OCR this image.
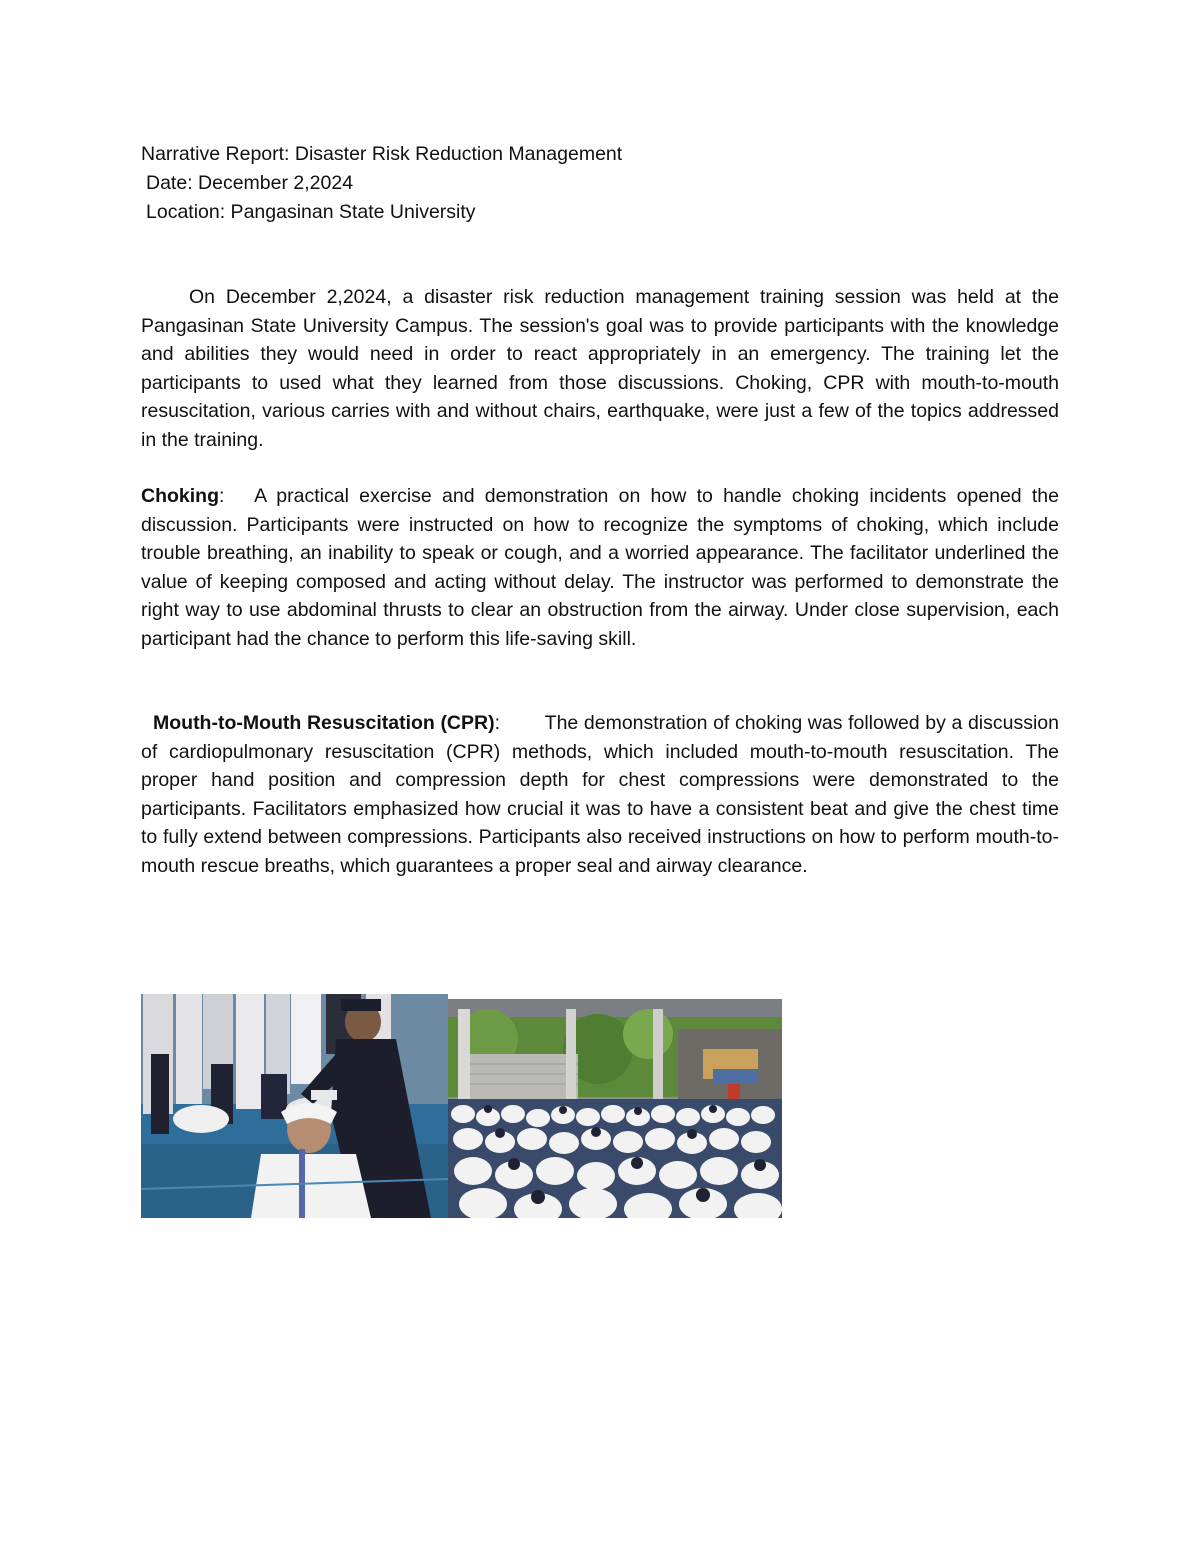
Narrative Report: Disaster Risk Reduction Management
Date: December 2,2024
Location: Pangasinan State University

On December 2,2024, a disaster risk reduction management training session was held at the Pangasinan State University Campus. The session's goal was to provide participants with the knowledge and abilities they would need in order to react appropriately in an emergency. The training let the participants to used what they learned from those discussions. Choking, CPR with mouth-to-mouth resuscitation, various carries with and without chairs, earthquake, were just a few of the topics addressed in the training.

Choking: A practical exercise and demonstration on how to handle choking incidents opened the discussion. Participants were instructed on how to recognize the symptoms of choking, which include trouble breathing, an inability to speak or cough, and a worried appearance. The facilitator underlined the value of keeping composed and acting without delay. The instructor was performed to demonstrate the right way to use abdominal thrusts to clear an obstruction from the airway. Under close supervision, each participant had the chance to perform this life-saving skill.

Mouth-to-Mouth Resuscitation (CPR): The demonstration of choking was followed by a discussion of cardiopulmonary resuscitation (CPR) methods, which included mouth-to-mouth resuscitation. The proper hand position and compression depth for chest compressions were demonstrated to the participants. Facilitators emphasized how crucial it was to have a consistent beat and give the chest time to fully extend between compressions. Participants also received instructions on how to perform mouth-to-mouth rescue breaths, which guarantees a proper seal and airway clearance.
